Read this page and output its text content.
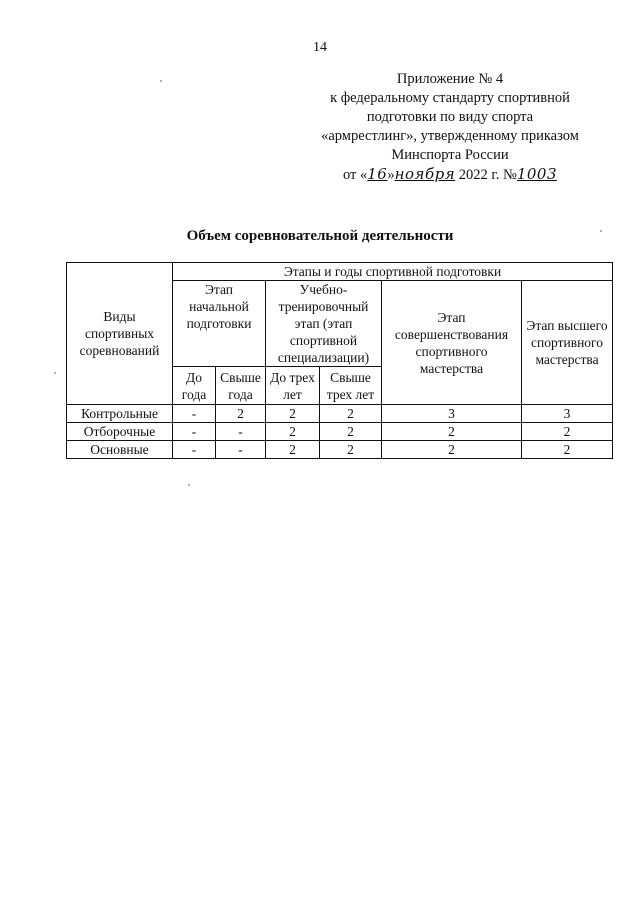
14
Приложение № 4
к федеральному стандарту спортивной
подготовки по виду спорта
«армрестлинг», утвержденному приказом
Минспорта России
от «16»ноября 2022 г. №1003
Объем соревновательной деятельности
Виды спортивных соревнований	Этапы и годы спортивной подготовки					
	Этап начальной подготовки		Учебно-тренировочный этап (этап спортивной специализации)		Этап совершенствования спортивного мастерства	Этап высшего спортивного мастерства
	До года	Свыше года	До трех лет	Свыше трех лет		
Контрольные	-	2	2	2	3	3
Отборочные	-	-	2	2	2	2
Основные	-	-	2	2	2	2
